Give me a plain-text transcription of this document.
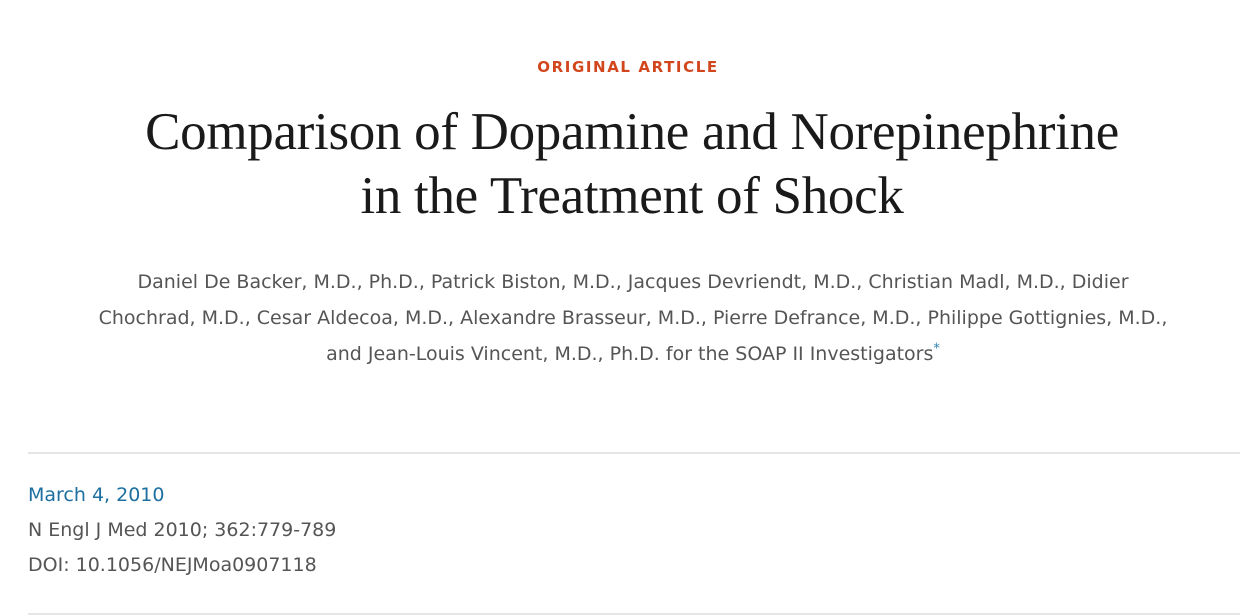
ORIGINAL ARTICLE
Comparison of Dopamine and Norepinephrine
in the Treatment of Shock
Daniel De Backer, M.D., Ph.D., Patrick Biston, M.D., Jacques Devriendt, M.D., Christian Madl, M.D., Didier Chochrad, M.D., Cesar Aldecoa, M.D., Alexandre Brasseur, M.D., Pierre Defrance, M.D., Philippe Gottignies, M.D., and Jean-Louis Vincent, M.D., Ph.D. for the SOAP II Investigators*
March 4, 2010
N Engl J Med 2010; 362:779-789
DOI: 10.1056/NEJMoa0907118
